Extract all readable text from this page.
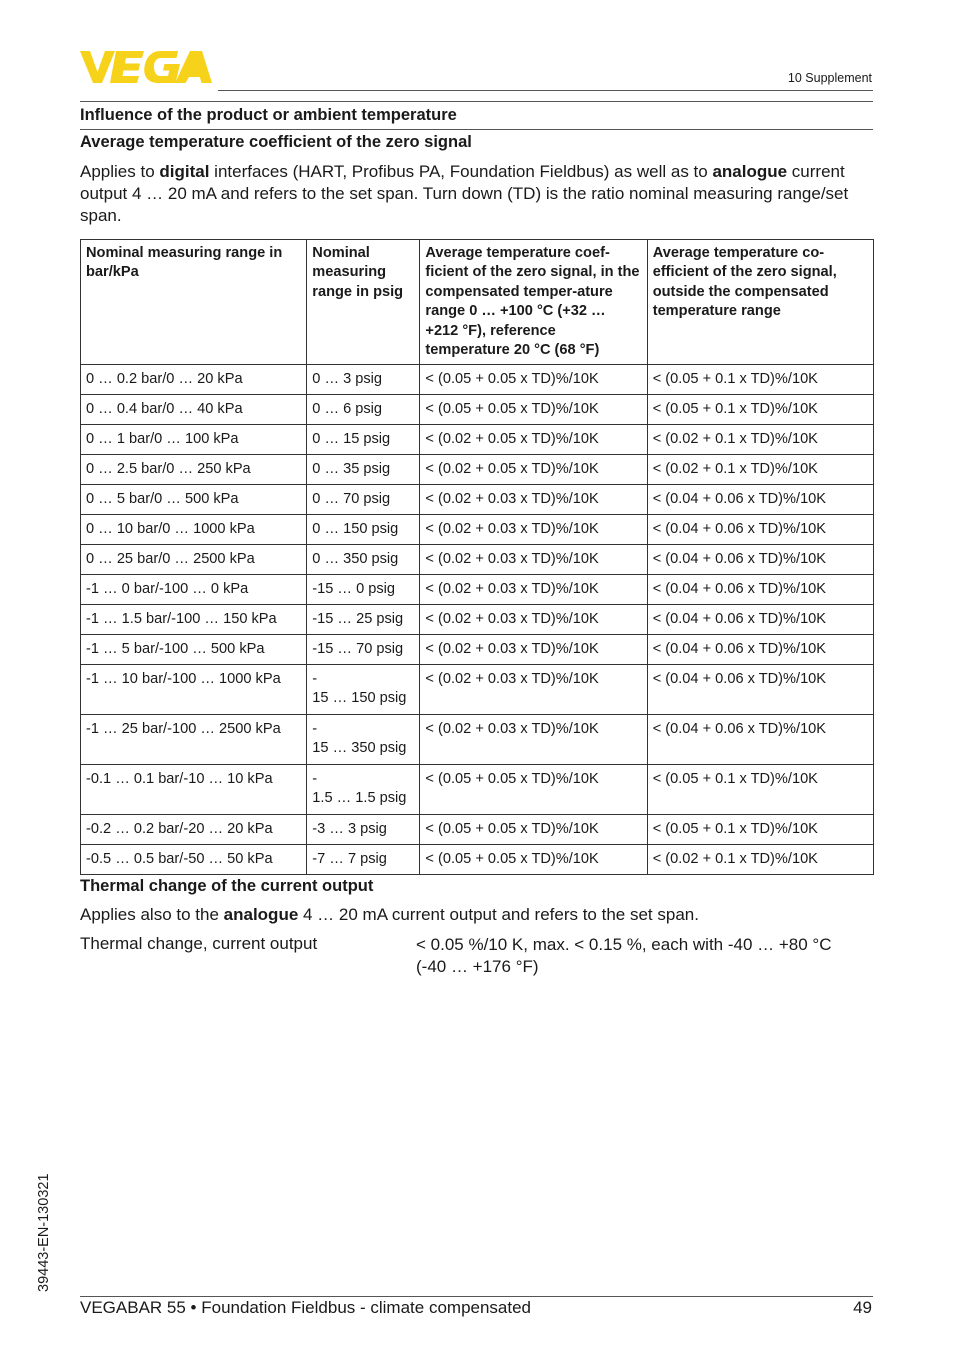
10 Supplement
Influence of the product or ambient temperature
Average temperature coefficient of the zero signal
Applies to digital interfaces (HART, Profibus PA, Foundation Fieldbus) as well as to analogue current output 4 … 20 mA and refers to the set span. Turn down (TD) is the ratio nominal measuring range/set span.
Nominal measuring range in bar/kPa	Nominal measuring range in psig	Average temperature coef-ficient of the zero signal, in the compensated temper-ature range 0 … +100 °C (+32 … +212 °F), reference temperature 20 °C (68 °F)	Average temperature co-efficient of the zero signal, outside the compensated temperature range
0 … 0.2 bar/0 … 20 kPa	0 … 3 psig	< (0.05 + 0.05 x TD)%/10K	< (0.05 + 0.1 x TD)%/10K
0 … 0.4 bar/0 … 40 kPa	0 … 6 psig	< (0.05 + 0.05 x TD)%/10K	< (0.05 + 0.1 x TD)%/10K
0 … 1 bar/0 … 100 kPa	0 … 15 psig	< (0.02 + 0.05 x TD)%/10K	< (0.02 + 0.1 x TD)%/10K
0 … 2.5 bar/0 … 250 kPa	0 … 35 psig	< (0.02 + 0.05 x TD)%/10K	< (0.02 + 0.1 x TD)%/10K
0 … 5 bar/0 … 500 kPa	0 … 70 psig	< (0.02 + 0.03 x TD)%/10K	< (0.04 + 0.06 x TD)%/10K
0 … 10 bar/0 … 1000 kPa	0 … 150 psig	< (0.02 + 0.03 x TD)%/10K	< (0.04 + 0.06 x TD)%/10K
0 … 25 bar/0 … 2500 kPa	0 … 350 psig	< (0.02 + 0.03 x TD)%/10K	< (0.04 + 0.06 x TD)%/10K
-1 … 0 bar/-100 … 0 kPa	-15 … 0 psig	< (0.02 + 0.03 x TD)%/10K	< (0.04 + 0.06 x TD)%/10K
-1 … 1.5 bar/-100 … 150 kPa	-15 … 25 psig	< (0.02 + 0.03 x TD)%/10K	< (0.04 + 0.06 x TD)%/10K
-1 … 5 bar/-100 … 500 kPa	-15 … 70 psig	< (0.02 + 0.03 x TD)%/10K	< (0.04 + 0.06 x TD)%/10K
-1 … 10 bar/-100 … 1000 kPa	-
15 … 150 psig	< (0.02 + 0.03 x TD)%/10K	< (0.04 + 0.06 x TD)%/10K
-1 … 25 bar/-100 … 2500 kPa	-
15 … 350 psig	< (0.02 + 0.03 x TD)%/10K	< (0.04 + 0.06 x TD)%/10K
-0.1 … 0.1 bar/-10 … 10 kPa	-
1.5 … 1.5 psig	< (0.05 + 0.05 x TD)%/10K	< (0.05 + 0.1 x TD)%/10K
-0.2 … 0.2 bar/-20 … 20 kPa	-3 … 3 psig	< (0.05 + 0.05 x TD)%/10K	< (0.05 + 0.1 x TD)%/10K
-0.5 … 0.5 bar/-50 … 50 kPa	-7 … 7 psig	< (0.05 + 0.05 x TD)%/10K	< (0.02 + 0.1 x TD)%/10K
Thermal change of the current output
Applies also to the analogue 4 … 20 mA current output and refers to the set span.
Thermal change, current output	< 0.05 %/10 K, max. < 0.15 %, each with -40 … +80 °C (-40 … +176 °F)
39443-EN-130321
VEGABAR 55 • Foundation Fieldbus - climate compensated	49
